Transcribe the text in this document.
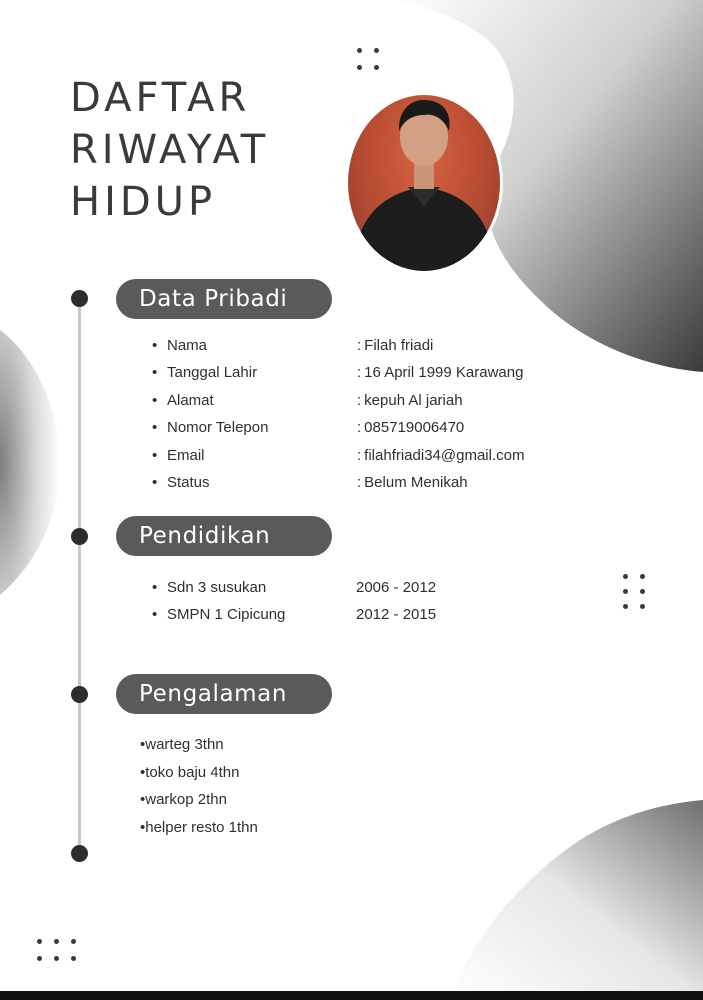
DAFTAR
RIWAYAT
HIDUP
Data Pribadi
• Nama	: Filah friadi
• Tanggal Lahir	: 16 April 1999 Karawang
• Alamat	: kepuh Al jariah
• Nomor Telepon	: 085719006470
• Email	: filahfriadi34@gmail.com
• Status	: Belum Menikah
Pendidikan
• Sdn 3 susukan	2006 - 2012
• SMPN 1 Cipicung	2012 - 2015
Pengalaman
•warteg 3thn
•toko baju 4thn
•warkop 2thn
•helper resto 1thn
